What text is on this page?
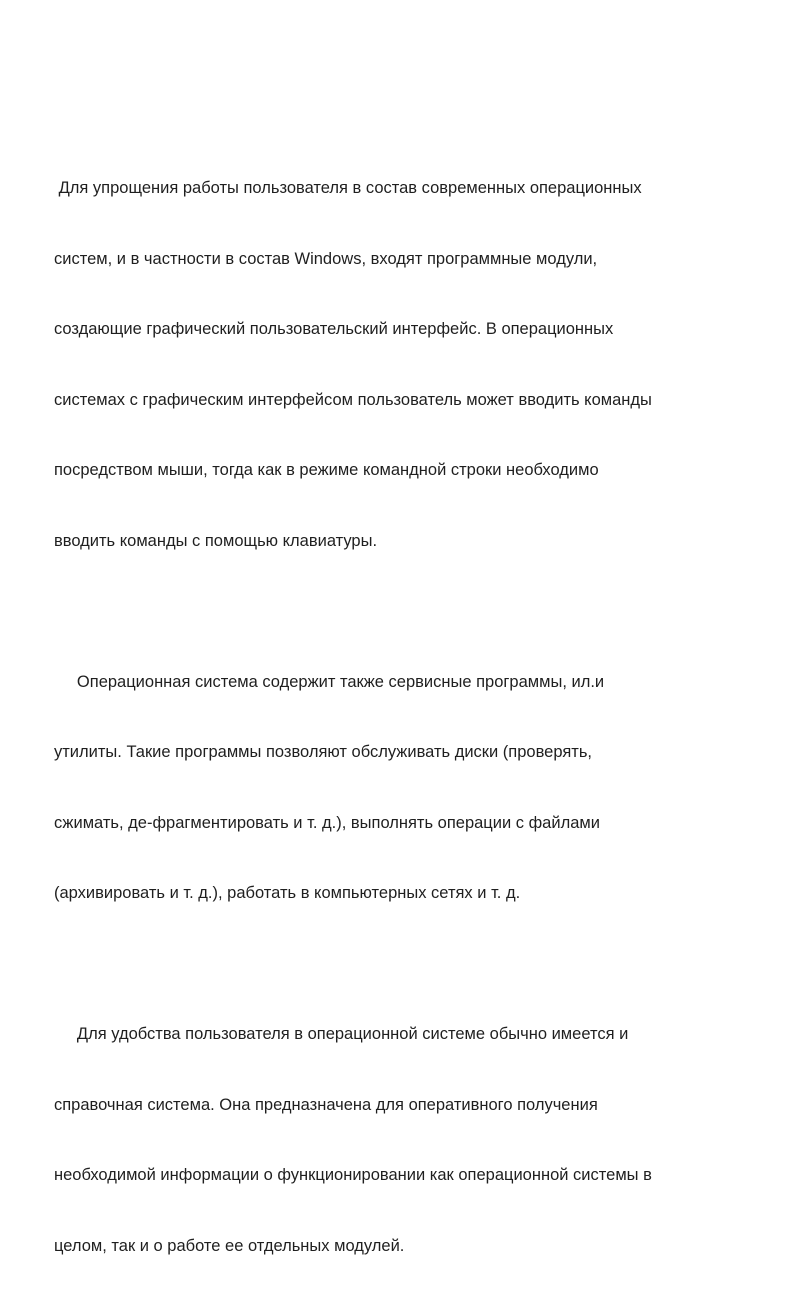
Для упрощения работы пользователя в состав современных операционных

систем, и в частности в состав Windows, входят программные модули,

создающие графический пользовательский интерфейс. В операционных

системах с графическим интерфейсом пользователь может вводить команды

посредством мыши, тогда как в режиме командной строки необходимо

вводить команды с помощью клавиатуры.

Операционная система содержит также сервисные программы, ил.и

утилиты. Такие программы позволяют обслуживать диски (проверять,

сжимать, де-фрагментировать и т. д.), выполнять операции с файлами

(архивировать и т. д.), работать в компьютерных сетях и т. д.

Для удобства пользователя в операционной системе обычно имеется и

справочная система. Она предназначена для оперативного получения

необходимой информации о функционировании как операционной системы в

целом, так и о работе ее отдельных модулей.
